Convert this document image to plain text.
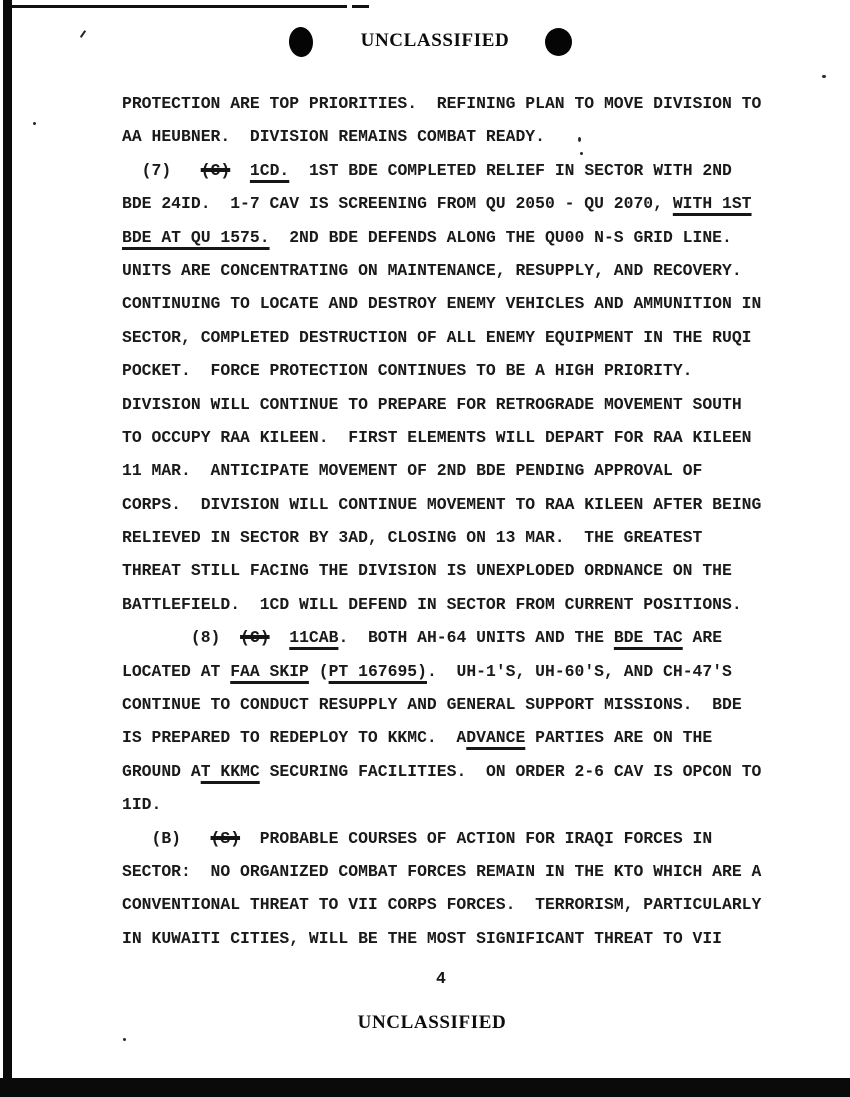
UNCLASSIFIED
PROTECTION ARE TOP PRIORITIES.  REFINING PLAN TO MOVE DIVISION TO
AA HEUBNER.  DIVISION REMAINS COMBAT READY.
(7)   (C) 1CD.  1ST BDE COMPLETED RELIEF IN SECTOR WITH 2ND
BDE 24ID.  1-7 CAV IS SCREENING FROM QU 2050 - QU 2070, WITH 1ST
BDE AT QU 1575.  2ND BDE DEFENDS ALONG THE QU00 N-S GRID LINE.
UNITS ARE CONCENTRATING ON MAINTENANCE, RESUPPLY, AND RECOVERY.
CONTINUING TO LOCATE AND DESTROY ENEMY VEHICLES AND AMMUNITION IN
SECTOR, COMPLETED DESTRUCTION OF ALL ENEMY EQUIPMENT IN THE RUQI
POCKET.  FORCE PROTECTION CONTINUES TO BE A HIGH PRIORITY.
DIVISION WILL CONTINUE TO PREPARE FOR RETROGRADE MOVEMENT SOUTH
TO OCCUPY RAA KILEEN.  FIRST ELEMENTS WILL DEPART FOR RAA KILEEN
11 MAR.  ANTICIPATE MOVEMENT OF 2ND BDE PENDING APPROVAL OF
CORPS.  DIVISION WILL CONTINUE MOVEMENT TO RAA KILEEN AFTER BEING
RELIEVED IN SECTOR BY 3AD, CLOSING ON 13 MAR.  THE GREATEST
THREAT STILL FACING THE DIVISION IS UNEXPLODED ORDNANCE ON THE
BATTLEFIELD.  1CD WILL DEFEND IN SECTOR FROM CURRENT POSITIONS.
(8)  (C) 11CAB.  BOTH AH-64 UNITS AND THE BDE TAC ARE
LOCATED AT FAA SKIP (PT 167695).  UH-1'S, UH-60'S, AND CH-47'S
CONTINUE TO CONDUCT RESUPPLY AND GENERAL SUPPORT MISSIONS.  BDE
IS PREPARED TO REDEPLOY TO KKMC.  ADVANCE PARTIES ARE ON THE
GROUND AT KKMC SECURING FACILITIES.  ON ORDER 2-6 CAV IS OPCON TO
1ID.
(B)   (S)  PROBABLE COURSES OF ACTION FOR IRAQI FORCES IN
SECTOR:  NO ORGANIZED COMBAT FORCES REMAIN IN THE KTO WHICH ARE A
CONVENTIONAL THREAT TO VII CORPS FORCES.  TERRORISM, PARTICULARLY
IN KUWAITI CITIES, WILL BE THE MOST SIGNIFICANT THREAT TO VII
4
UNCLASSIFIED
